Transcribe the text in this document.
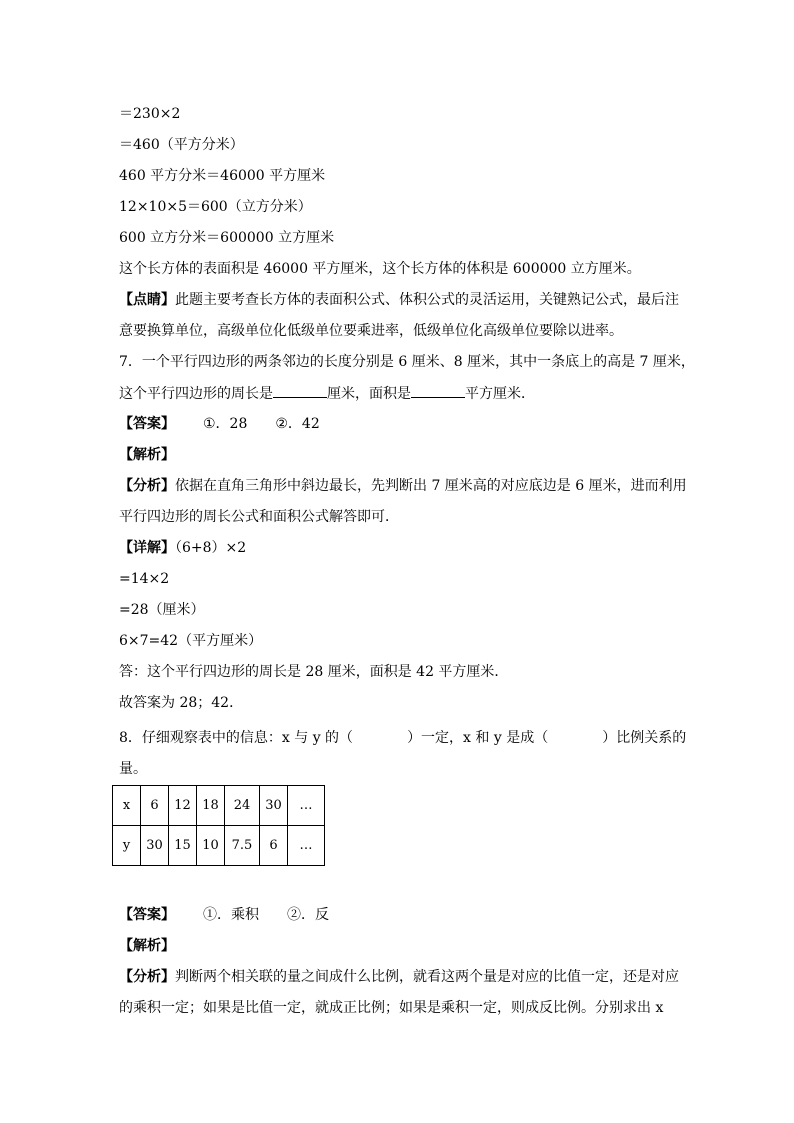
＝230×2
＝460（平方分米）
460 平方分米＝46000 平方厘米
12×10×5＝600（立方分米）
600 立方分米＝600000 立方厘米
这个长方体的表面积是 46000 平方厘米，这个长方体的体积是 600000 立方厘米。
【点睛】此题主要考查长方体的表面积公式、体积公式的灵活运用，关键熟记公式，最后注
意要换算单位，高级单位化低级单位要乘进率，低级单位化高级单位要除以进率。
7．一个平行四边形的两条邻边的长度分别是 6 厘米、8 厘米，其中一条底上的高是 7 厘米，
这个平行四边形的周长是	厘米，面积是	平方厘米．
【答案】 ①．28 ②．42
【解析】
【分析】依据在直角三角形中斜边最长，先判断出 7 厘米高的对应底边是 6 厘米，进而利用
平行四边形的周长公式和面积公式解答即可．
【详解】（6+8）×2
=14×2
=28（厘米）
6×7=42（平方厘米）
答：这个平行四边形的周长是 28 厘米，面积是 42 平方厘米．
故答案为 28；42．
8．仔细观察表中的信息：x 与 y 的（	）一定，x 和 y 是成（	）比例关系的
量。
x	6	12	18	24	30	…
y	30	15	10	7.5	6	…
【答案】 ①．乘积 ②．反
【解析】
【分析】判断两个相关联的量之间成什么比例，就看这两个量是对应的比值一定，还是对应
的乘积一定；如果是比值一定，就成正比例；如果是乘积一定，则成反比例。分别求出 x
